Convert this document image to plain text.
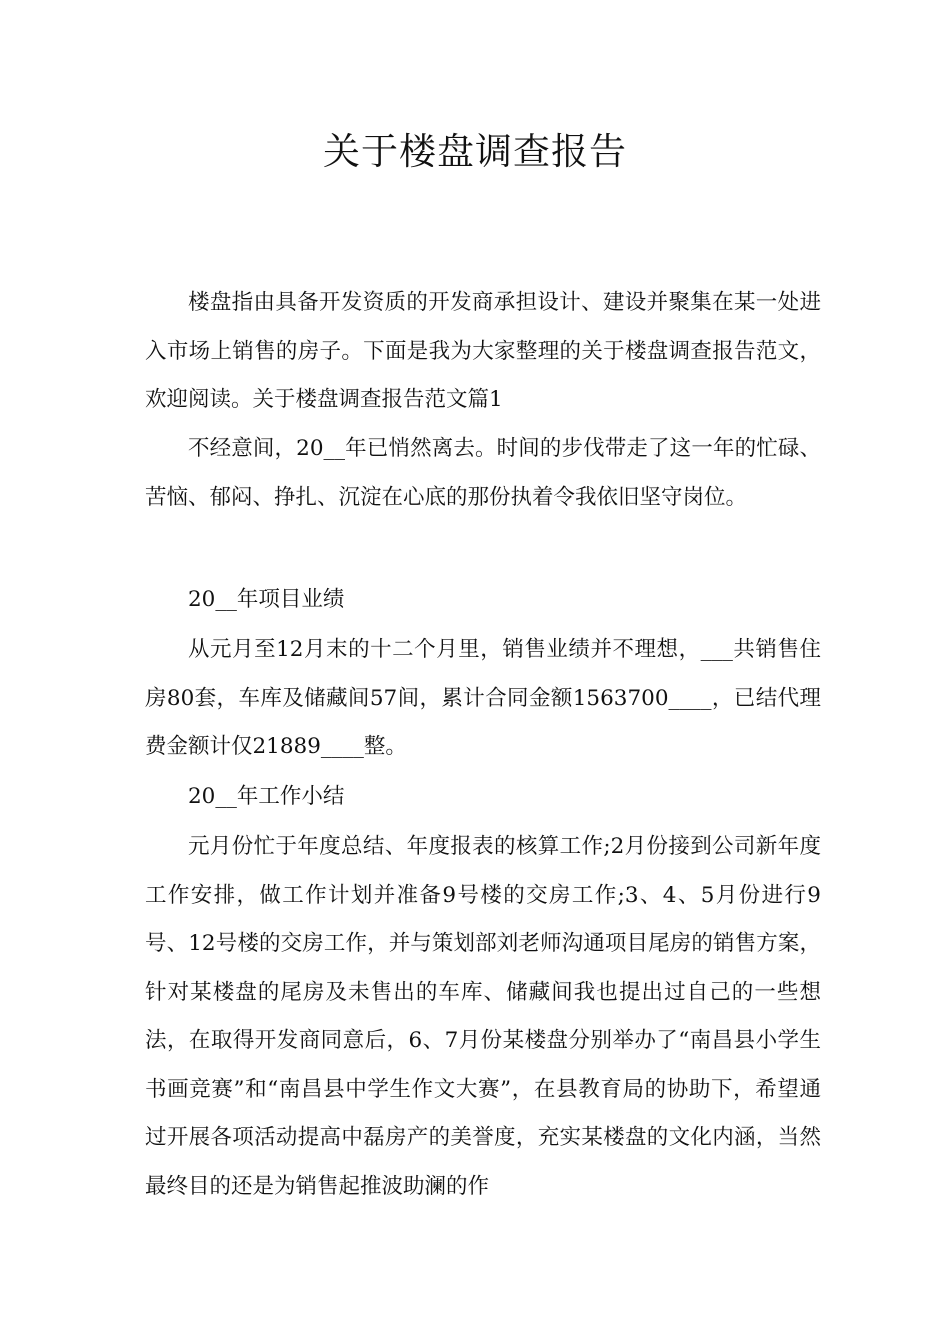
关于楼盘调查报告

楼盘指由具备开发资质的开发商承担设计、建设并聚集在某一处进入市场上销售的房子。下面是我为大家整理的关于楼盘调查报告范文，欢迎阅读。关于楼盘调查报告范文篇1

不经意间，20__年已悄然离去。时间的步伐带走了这一年的忙碌、苦恼、郁闷、挣扎、沉淀在心底的那份执着令我依旧坚守岗位。

20__年项目业绩

从元月至12月末的十二个月里，销售业绩并不理想，___共销售住房80套，车库及储藏间57间，累计合同金额1563700____，已结代理费金额计仅21889____整。

20__年工作小结

元月份忙于年度总结、年度报表的核算工作;2月份接到公司新年度工作安排，做工作计划并准备9号楼的交房工作;3、4、5月份进行9号、12号楼的交房工作，并与策划部刘老师沟通项目尾房的销售方案，针对某楼盘的尾房及未售出的车库、储藏间我也提出过自己的一些想法，在取得开发商同意后，6、7月份某楼盘分别举办了“南昌县小学生书画竞赛”和“南昌县中学生作文大赛”，在县教育局的协助下，希望通过开展各项活动提高中磊房产的美誉度，充实某楼盘的文化内涵，当然最终目的还是为销售起推波助澜的作
